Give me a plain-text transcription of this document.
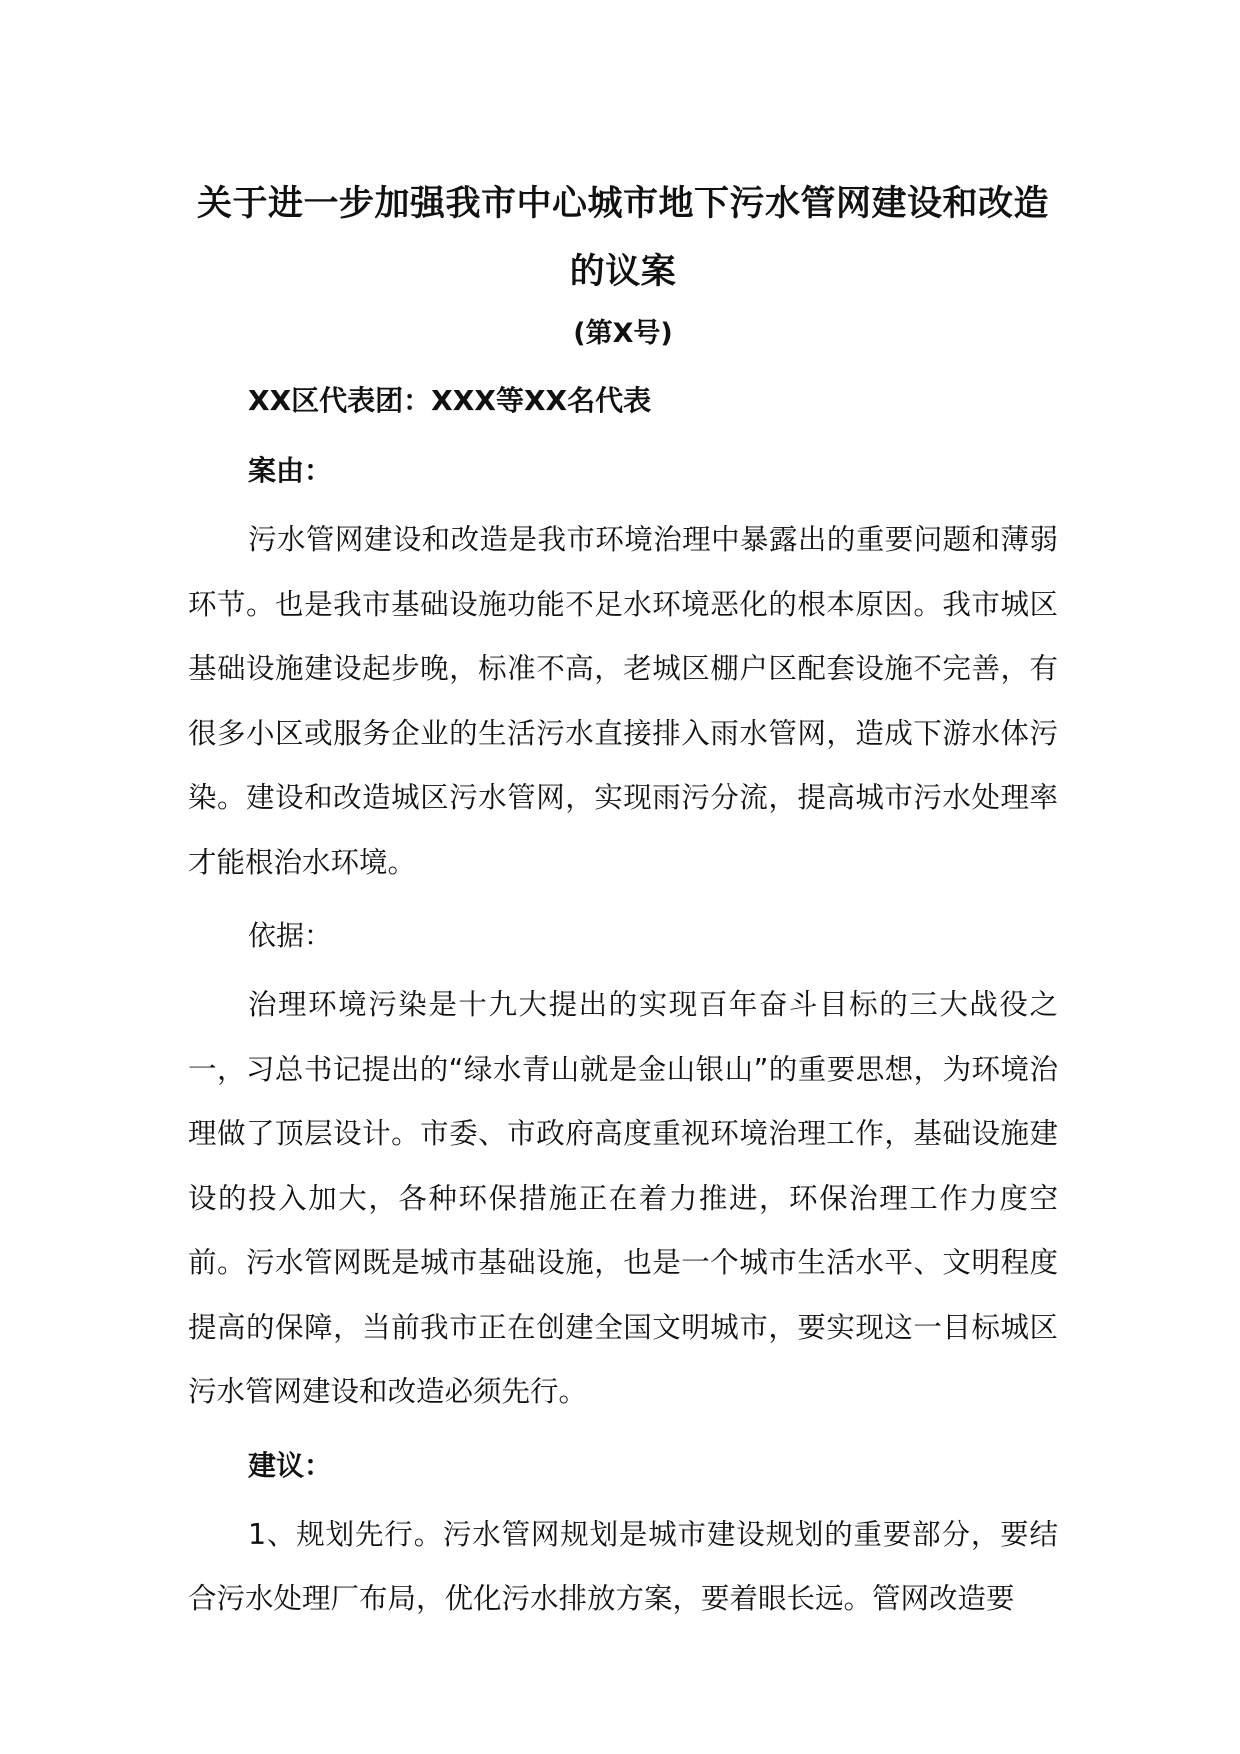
关于进一步加强我市中心城市地下污水管网建设和改造的议案

(第X号)

XX区代表团：XXX等XX名代表

案由：

污水管网建设和改造是我市环境治理中暴露出的重要问题和薄弱环节。也是我市基础设施功能不足水环境恶化的根本原因。我市城区基础设施建设起步晚，标准不高，老城区棚户区配套设施不完善，有很多小区或服务企业的生活污水直接排入雨水管网，造成下游水体污染。建设和改造城区污水管网，实现雨污分流，提高城市污水处理率才能根治水环境。

依据：

治理环境污染是十九大提出的实现百年奋斗目标的三大战役之一，习总书记提出的“绿水青山就是金山银山”的重要思想，为环境治理做了顶层设计。市委、市政府高度重视环境治理工作，基础设施建设的投入加大，各种环保措施正在着力推进，环保治理工作力度空前。污水管网既是城市基础设施，也是一个城市生活水平、文明程度提高的保障，当前我市正在创建全国文明城市，要实现这一目标城区污水管网建设和改造必须先行。

建议：

1、规划先行。污水管网规划是城市建设规划的重要部分，要结合污水处理厂布局，优化污水排放方案，要着眼长远。管网改造要
